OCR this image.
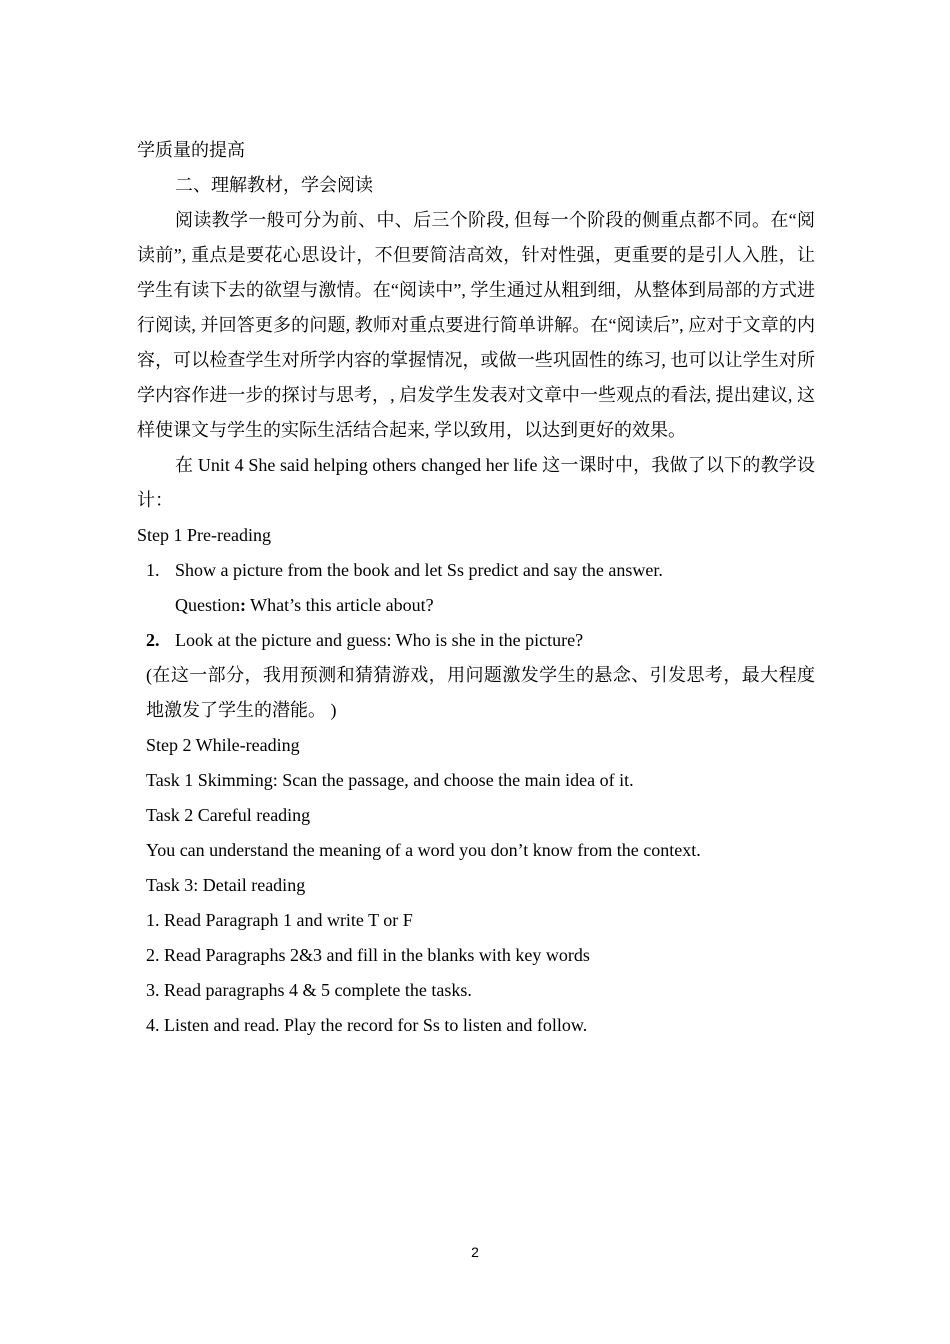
学质量的提高
二、理解教材，学会阅读
阅读教学一般可分为前、中、后三个阶段, 但每一个阶段的侧重点都不同。在“阅读前”, 重点是要花心思设计，不但要简洁高效，针对性强，更重要的是引人入胜，让学生有读下去的欲望与激情。在“阅读中”, 学生通过从粗到细，从整体到局部的方式进行阅读, 并回答更多的问题, 教师对重点要进行简单讲解。在“阅读后”, 应对于文章的内容，可以检查学生对所学内容的掌握情况，或做一些巩固性的练习, 也可以让学生对所学内容作进一步的探讨与思考，, 启发学生发表对文章中一些观点的看法, 提出建议, 这样使课文与学生的实际生活结合起来, 学以致用，以达到更好的效果。
在 Unit 4 She said helping others changed her life 这一课时中，我做了以下的教学设计：
Step 1 Pre-reading
1. Show a picture from the book and let Ss predict and say the answer.
Question: What’s this article about?
2. Look at the picture and guess: Who is she in the picture?
(在这一部分，我用预测和猜猜游戏，用问题激发学生的悬念、引发思考，最大程度地激发了学生的潜能。 )
Step 2 While-reading
Task 1 Skimming: Scan the passage, and choose the main idea of it.
Task 2 Careful reading
You can understand the meaning of a word you don’t know from the context.
Task 3: Detail reading
1. Read Paragraph 1 and write T or F
2. Read Paragraphs 2&3 and fill in the blanks with key words
3. Read paragraphs 4 & 5 complete the tasks.
4. Listen and read. Play the record for Ss to listen and follow.
2
